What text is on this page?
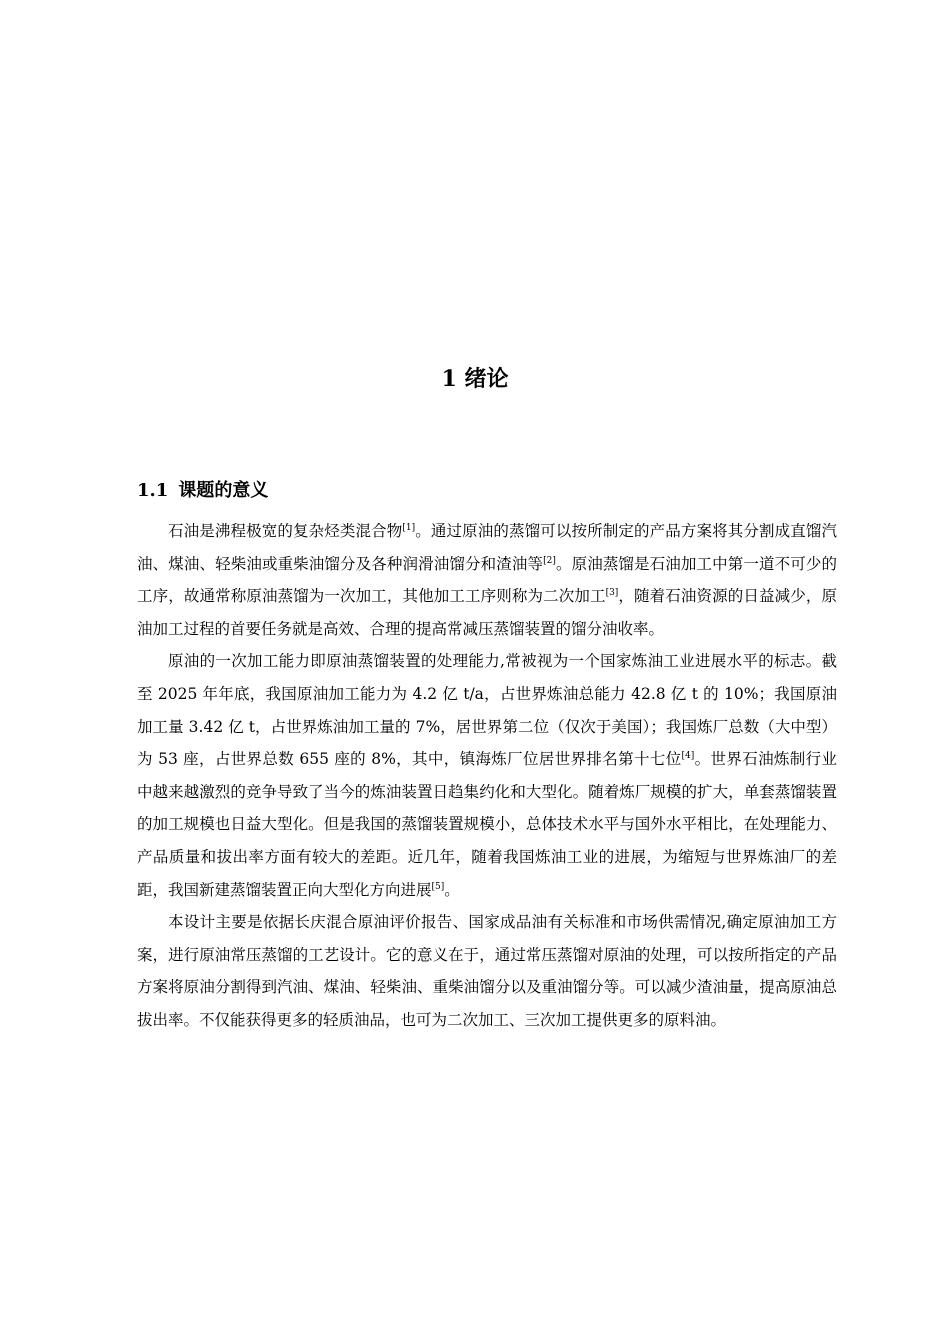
1 绪论
1.1 课题的意义

石油是沸程极宽的复杂烃类混合物[1]。通过原油的蒸馏可以按所制定的产品方案将其分割成直馏汽油、煤油、轻柴油或重柴油馏分及各种润滑油馏分和渣油等[2]。原油蒸馏是石油加工中第一道不可少的工序，故通常称原油蒸馏为一次加工，其他加工工序则称为二次加工[3]，随着石油资源的日益减少，原油加工过程的首要任务就是高效、合理的提高常减压蒸馏装置的馏分油收率。

原油的一次加工能力即原油蒸馏装置的处理能力,常被视为一个国家炼油工业进展水平的标志。截至 2025 年年底，我国原油加工能力为 4.2 亿 t/a，占世界炼油总能力 42.8 亿 t 的 10%；我国原油加工量 3.42 亿 t，占世界炼油加工量的 7%，居世界第二位（仅次于美国）；我国炼厂总数（大中型）为 53 座，占世界总数 655 座的 8%，其中，镇海炼厂位居世界排名第十七位[4]。世界石油炼制行业中越来越激烈的竞争导致了当今的炼油装置日趋集约化和大型化。随着炼厂规模的扩大，单套蒸馏装置的加工规模也日益大型化。但是我国的蒸馏装置规模小，总体技术水平与国外水平相比，在处理能力、产品质量和拔出率方面有较大的差距。近几年，随着我国炼油工业的进展，为缩短与世界炼油厂的差距，我国新建蒸馏装置正向大型化方向进展[5]。

本设计主要是依据长庆混合原油评价报告、国家成品油有关标准和市场供需情况,确定原油加工方案，进行原油常压蒸馏的工艺设计。它的意义在于，通过常压蒸馏对原油的处理，可以按所指定的产品方案将原油分割得到汽油、煤油、轻柴油、重柴油馏分以及重油馏分等。可以减少渣油量，提高原油总拔出率。不仅能获得更多的轻质油品，也可为二次加工、三次加工提供更多的原料油。
